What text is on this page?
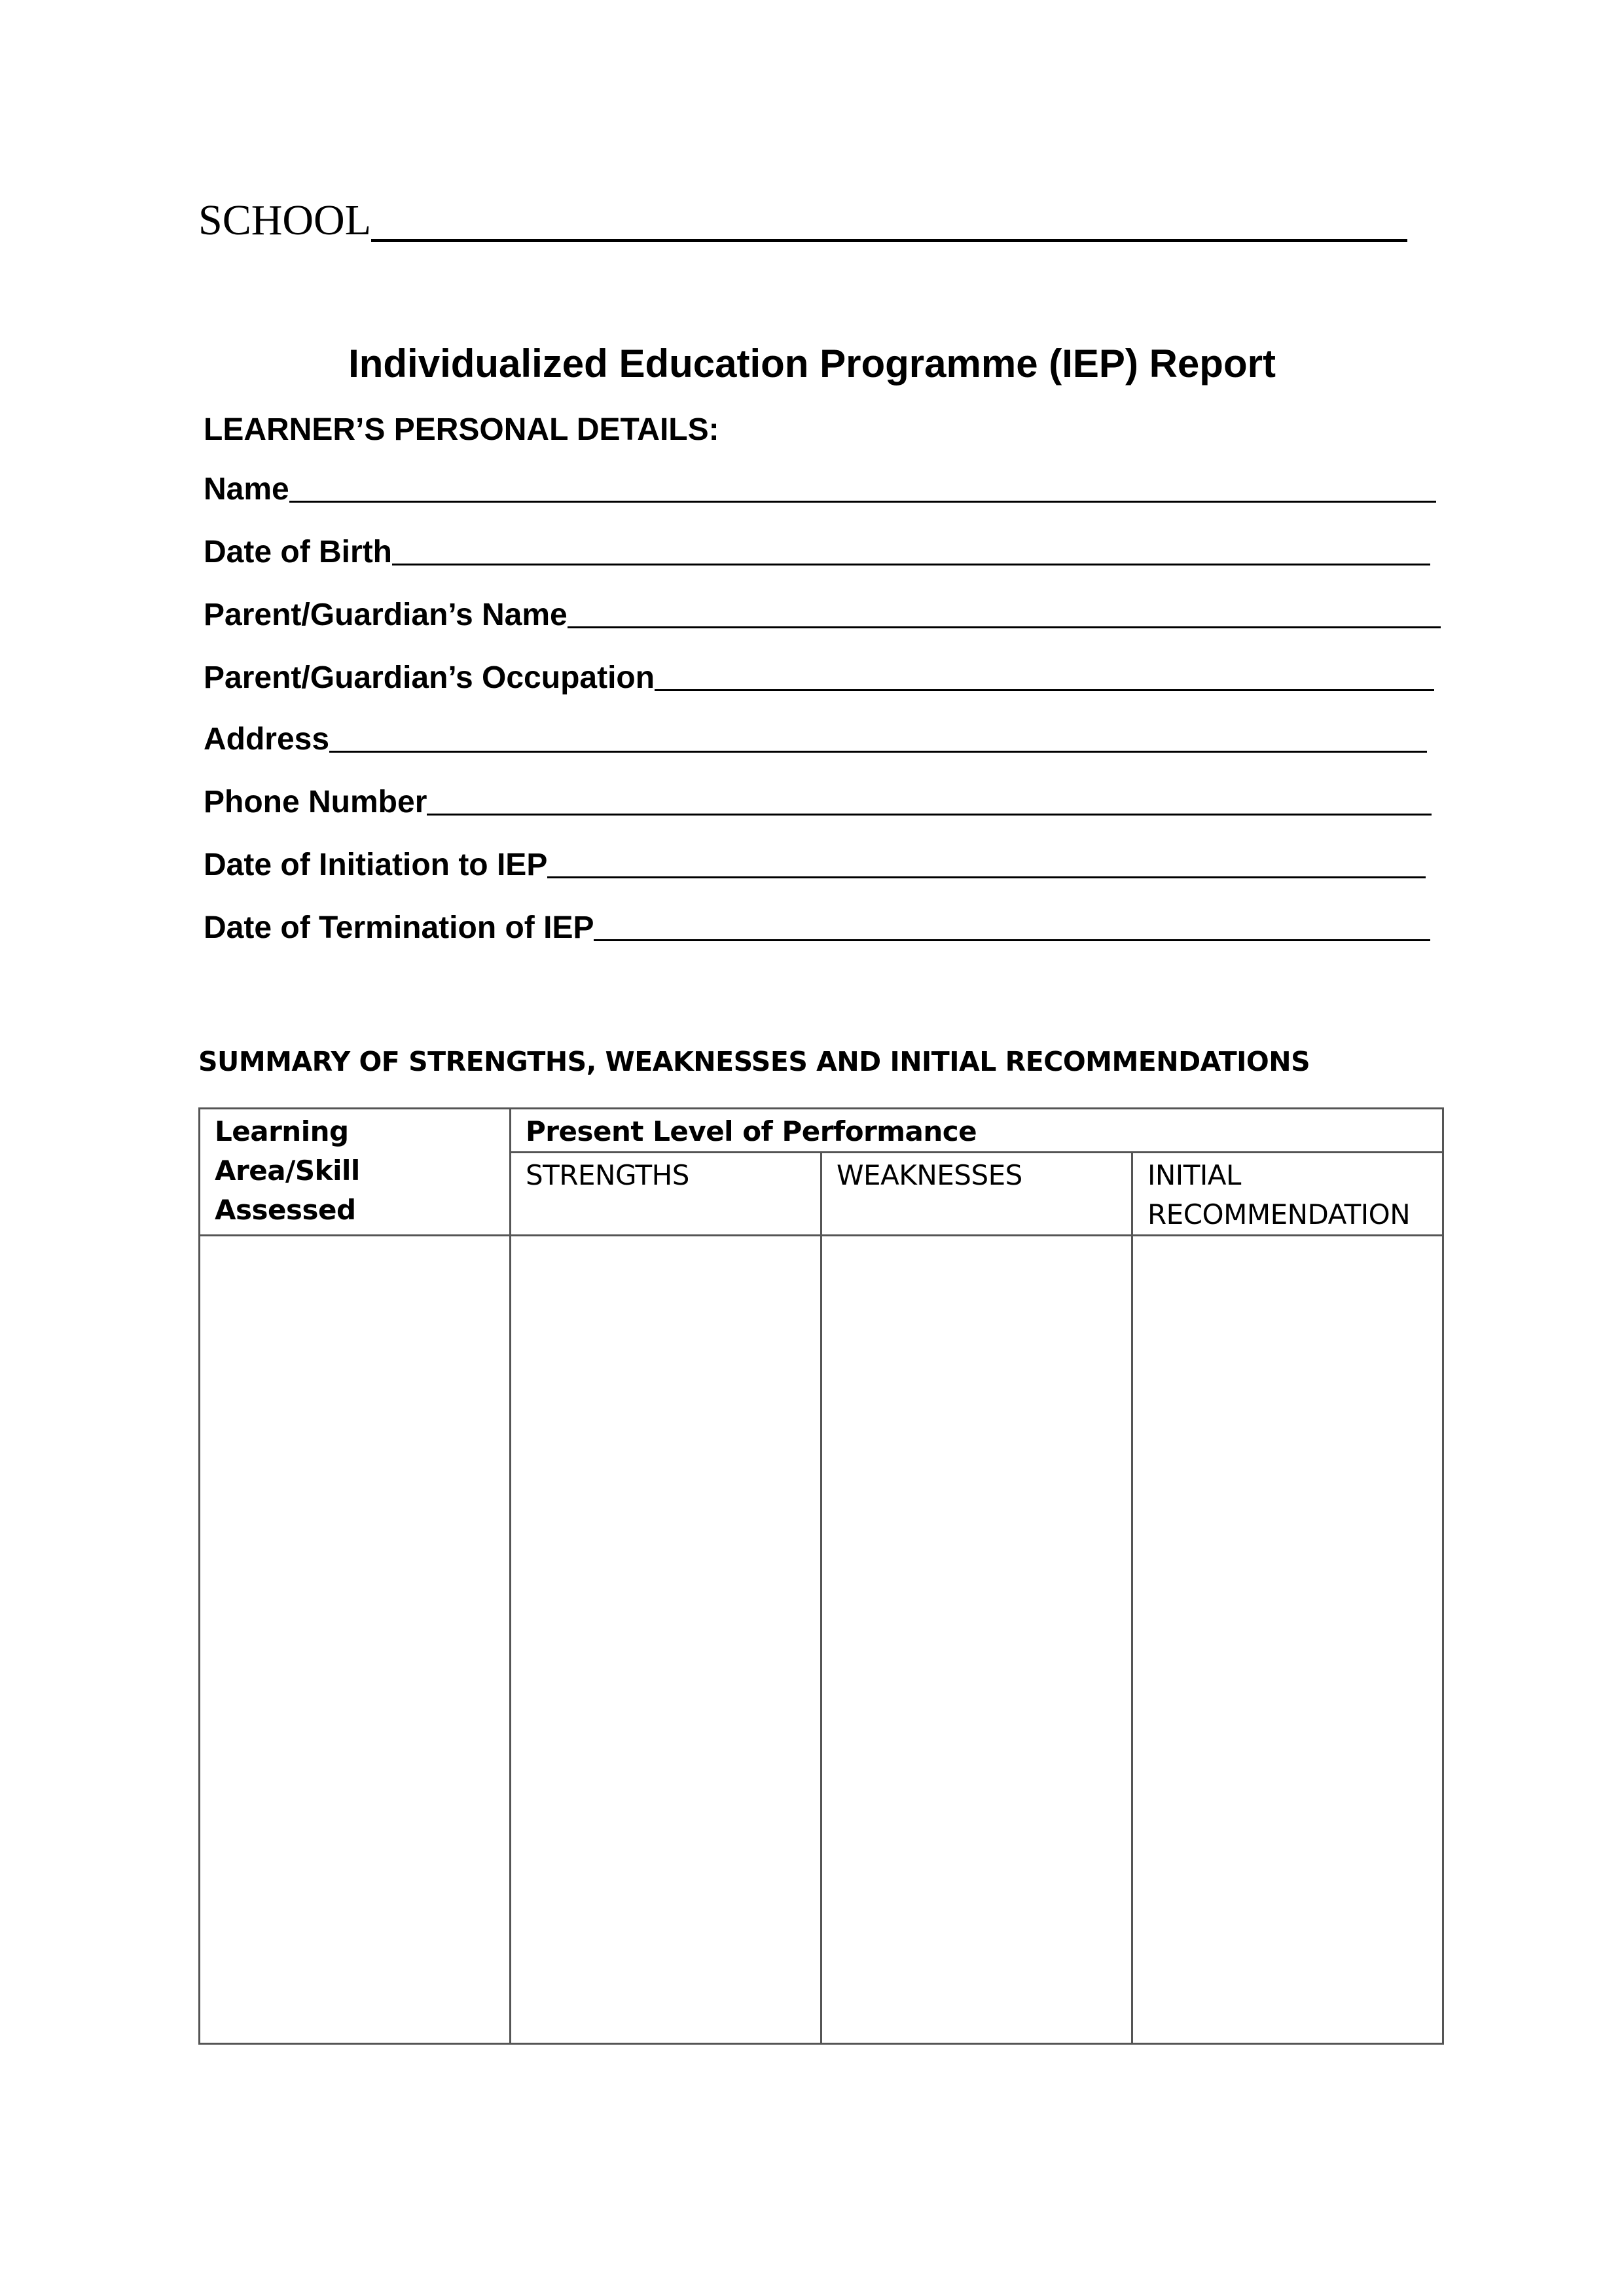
SCHOOL
Individualized Education Programme (IEP) Report
LEARNER’S PERSONAL DETAILS:
Name
Date of Birth
Parent/Guardian’s Name
Parent/Guardian’s Occupation
Address
Phone Number
Date of Initiation to IEP
Date of Termination of IEP
SUMMARY OF STRENGTHS, WEAKNESSES AND INITIAL RECOMMENDATIONS
Learning Area/Skill Assessed	Present Level of Performance		
	STRENGTHS	WEAKNESSES	INITIAL RECOMMENDATION
